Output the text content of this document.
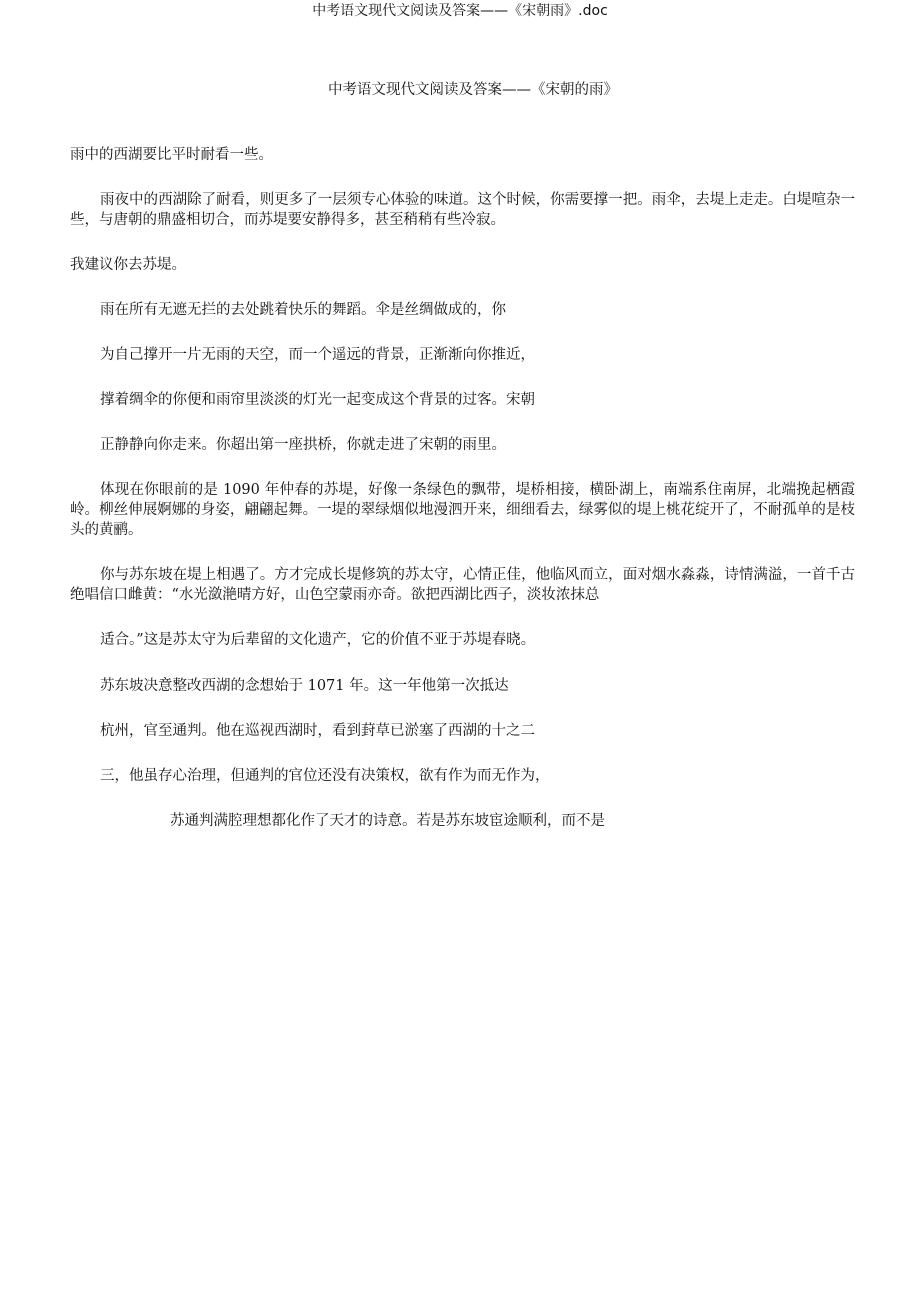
中考语文现代文阅读及答案——《宋朝雨》.doc
中考语文现代文阅读及答案——《宋朝的雨》

雨中的西湖要比平时耐看一些。

雨夜中的西湖除了耐看，则更多了一层须专心体验的味道。这个时候，你需要撑一把。雨伞，去堤上走走。白堤喧杂一些，与唐朝的鼎盛相切合，而苏堤要安静得多，甚至稍稍有些冷寂。

我建议你去苏堤。

雨在所有无遮无拦的去处跳着快乐的舞蹈。伞是丝绸做成的，你

为自己撑开一片无雨的天空，而一个遥远的背景，正渐渐向你推近，

撑着绸伞的你便和雨帘里淡淡的灯光一起变成这个背景的过客。宋朝

正静静向你走来。你超出第一座拱桥，你就走进了宋朝的雨里。

体现在你眼前的是 1090 年仲春的苏堤，好像一条绿色的飘带，堤桥相接，横卧湖上，南端系住南屏，北端挽起栖霞岭。柳丝伸展婀娜的身姿，翩翩起舞。一堤的翠绿烟似地漫泗开来，细细看去，绿雾似的堤上桃花绽开了，不耐孤单的是枝头的黄鹂。

你与苏东坡在堤上相遇了。方才完成长堤修筑的苏太守，心情正佳，他临风而立，面对烟水淼淼，诗情满溢，一首千古绝唱信口雌黄：“水光潋滟晴方好，山色空蒙雨亦奇。欲把西湖比西子，淡妆浓抹总

适合。”这是苏太守为后辈留的文化遗产，它的价值不亚于苏堤春晓。

苏东坡决意整改西湖的念想始于 1071 年。这一年他第一次抵达

杭州，官至通判。他在巡视西湖时，看到葑草已淤塞了西湖的十之二

三，他虽存心治理，但通判的官位还没有决策权，欲有作为而无作为，

苏通判满腔理想都化作了天才的诗意。若是苏东坡宦途顺利，而不是
